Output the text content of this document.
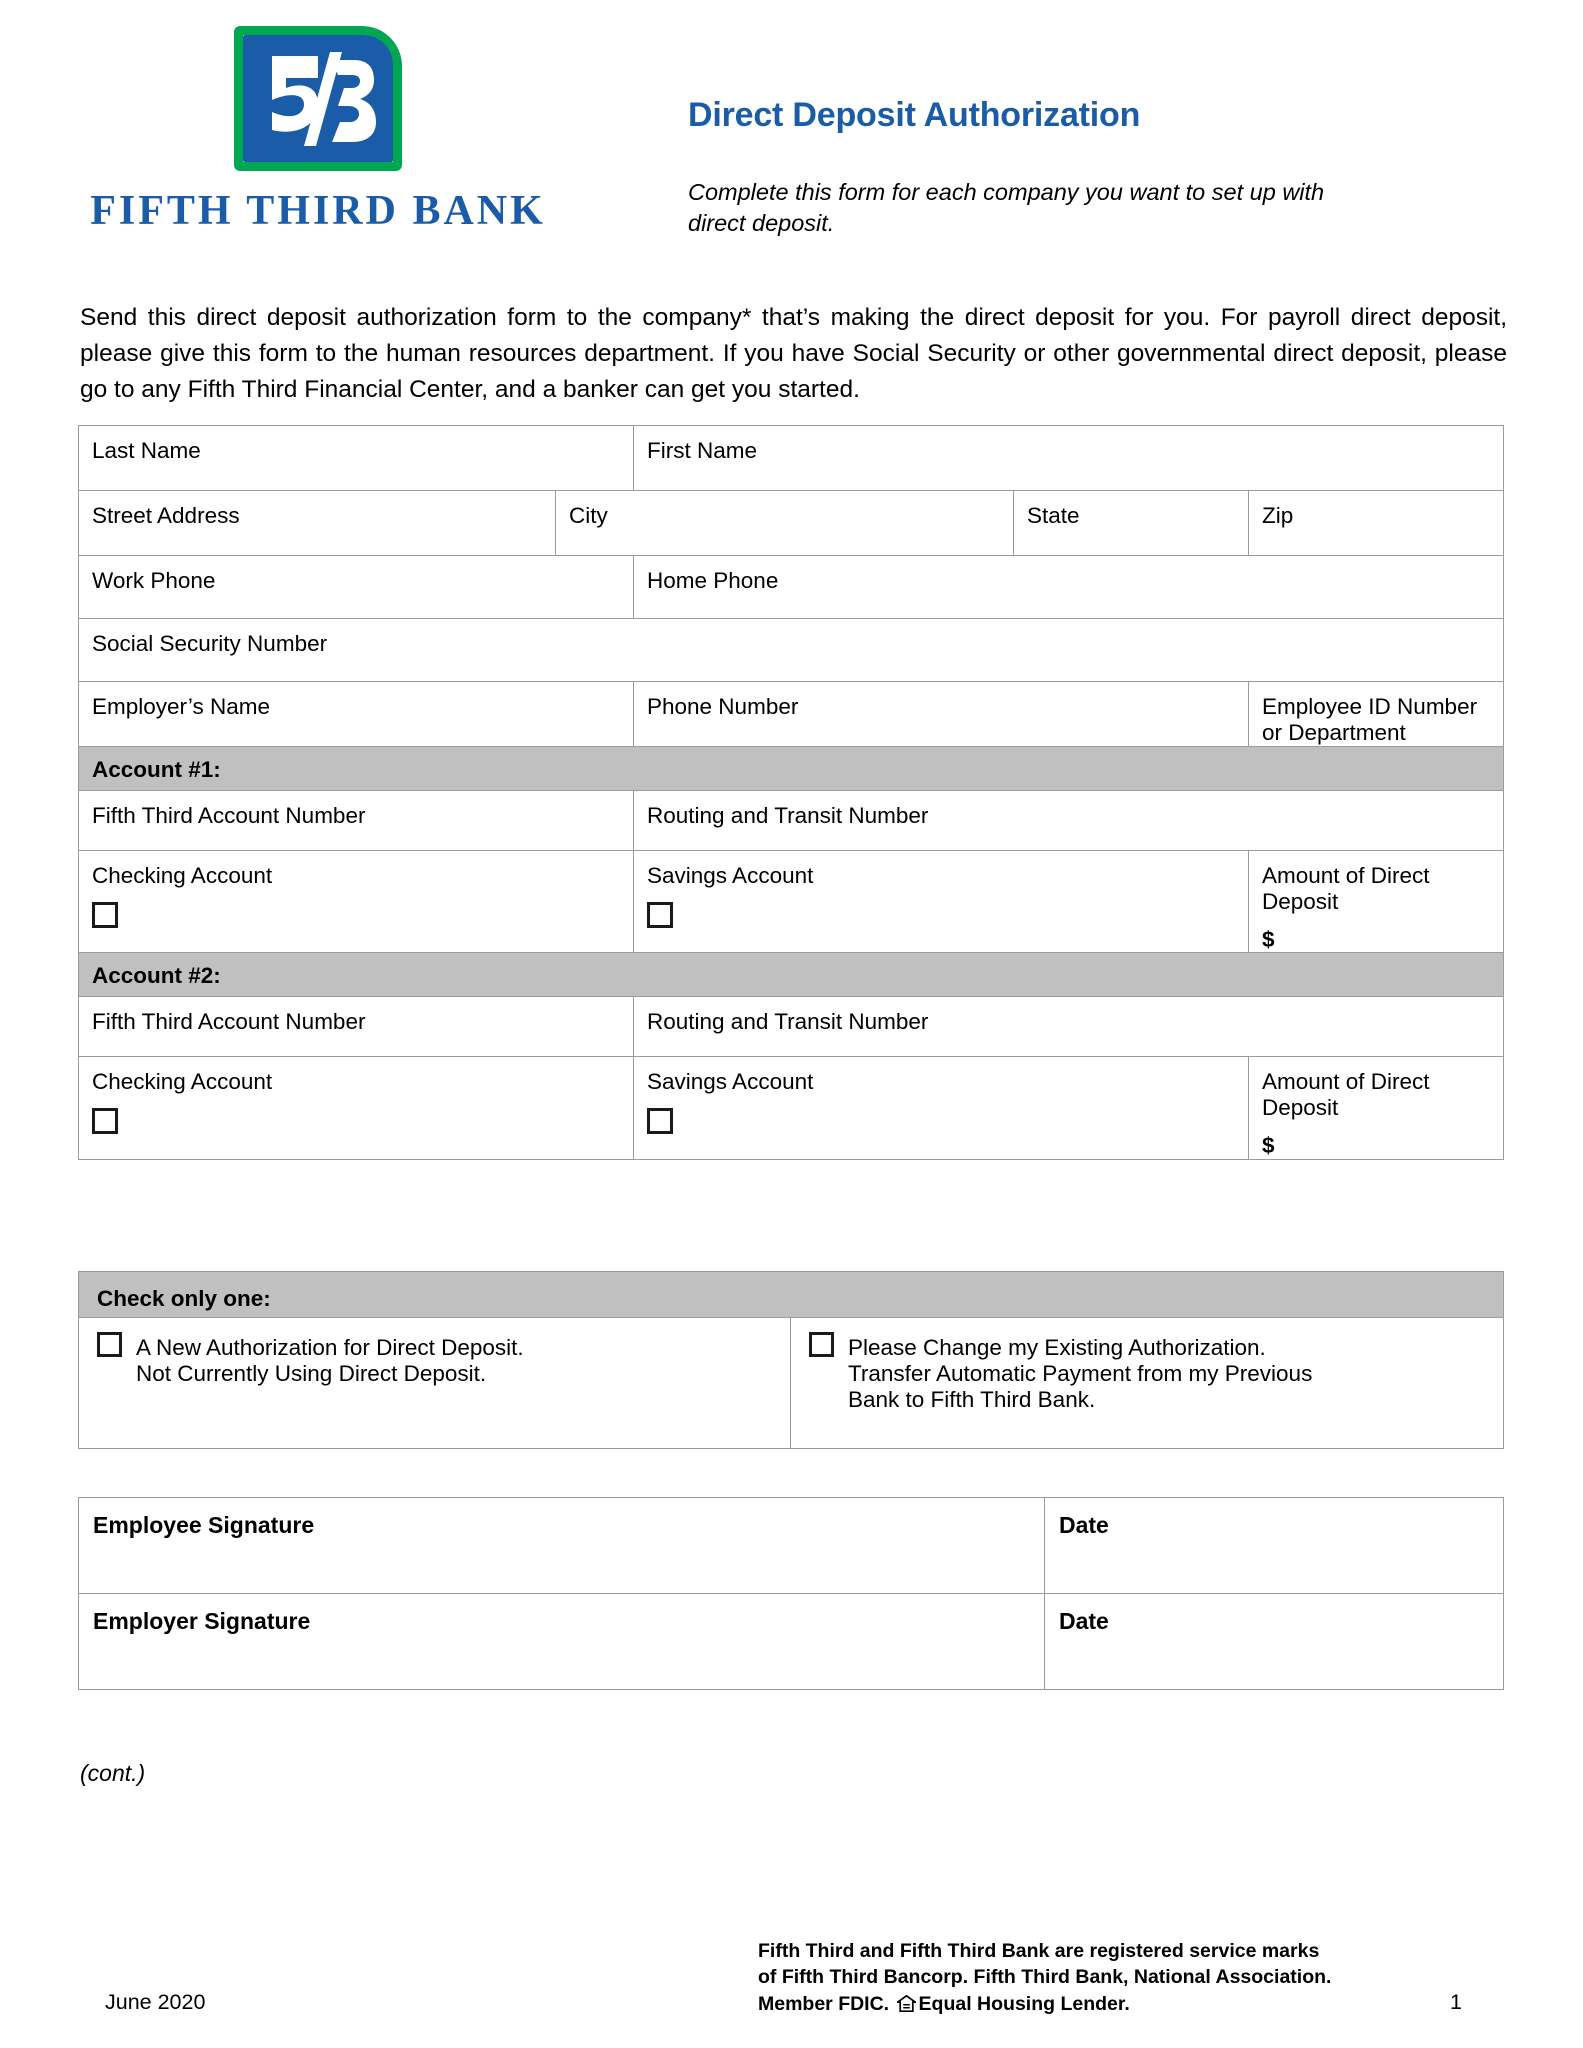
FIFTH THIRD BANK
Direct Deposit Authorization
Complete this form for each company you want to set up with direct deposit.
Send this direct deposit authorization form to the company* that’s making the direct deposit for you. For payroll direct deposit, please give this form to the human resources department. If you have Social Security or other governmental direct deposit, please go to any Fifth Third Financial Center, and a banker can get you started.
Last Name		First Name		
Street Address	City		State	Zip
Work Phone		Home Phone		
Social Security Number				
Employer’s Name		Phone Number		Employee ID Number or Department
Account #1:				
Fifth Third Account Number		Routing and Transit Number		
Checking Account		Savings Account		Amount of Direct Deposit
$

Account #2:				
Fifth Third Account Number		Routing and Transit Number		
Checking Account		Savings Account		Amount of Direct Deposit
$
Check only one:

A New Authorization for Direct Deposit.
Not Currently Using Direct Deposit.

Please Change my Existing Authorization.
Transfer Automatic Payment from my Previous
Bank to Fifth Third Bank.
Employee Signature	Date
Employer Signature	Date
(cont.)
Fifth Third and Fifth Third Bank are registered service marks
of Fifth Third Bancorp. Fifth Third Bank, National Association.
Member FDIC. Equal Housing Lender.
June 2020	1
